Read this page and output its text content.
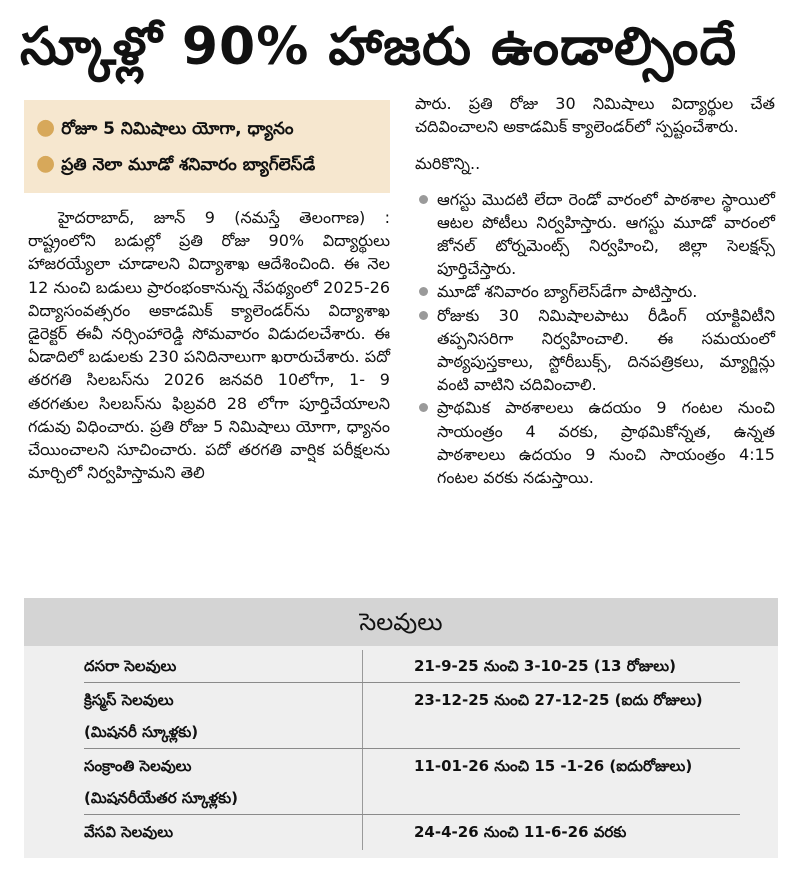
స్కూళ్లో 90% హాజరు ఉండాల్సిందే
● రోజూ 5 నిమిషాలు యోగా, ధ్యానం
● ప్రతి నెలా మూడో శనివారం బ్యాగ్‌లెస్‌డే

హైదరాబాద్, జూన్ 9 (నమస్తే తెలంగాణ) : రాష్ట్రంలోని బడుల్లో ప్రతి రోజు 90% విద్యార్థులు హాజరయ్యేలా చూడాలని విద్యాశాఖ ఆదేశించింది. ఈ నెల 12 నుంచి బడులు ప్రారంభంకానున్న నేపథ్యంలో 2025-26 విద్యాసంవత్సరం అకాడమిక్ క్యాలెండర్‌ను విద్యాశాఖ డైరెక్టర్ ఈవీ నర్సింహారెడ్డి సోమవారం విడుదలచేశారు. ఈ ఏడాదిలో బడులకు 230 పనిదినాలుగా ఖరారుచేశారు. పదో తరగతి సిలబస్‌ను 2026 జనవరి 10లోగా, 1- 9 తరగతుల సిలబస్‌ను ఫిబ్రవరి 28 లోగా పూర్తిచేయాలని గడువు విధించారు. ప్రతి రోజు 5 నిమిషాలు యోగా, ధ్యానం చేయించాలని సూచించారు. పదో తరగతి వార్షిక పరీక్షలను మార్చిలో నిర్వహిస్తామని తెలి

పారు. ప్రతి రోజు 30 నిమిషాలు విద్యార్థుల చేత చదివించాలని అకాడమిక్ క్యాలెండర్‌లో స్పష్టంచేశారు.

మరికొన్ని..

ఆగస్టు మొదటి లేదా రెండో వారంలో పాఠశాల స్థాయిలో ఆటల పోటీలు నిర్వహిస్తారు. ఆగస్టు మూడో వారంలో జోనల్ టోర్నమెంట్స్ నిర్వహించి, జిల్లా సెలక్షన్స్ పూర్తిచేస్తారు.

మూడో శనివారం బ్యాగ్‌లెస్‌డేగా పాటిస్తారు.

రోజుకు 30 నిమిషాలపాటు రీడింగ్ యాక్టివిటీని తప్పనిసరిగా నిర్వహించాలి. ఈ సమయంలో పాఠ్యపుస్తకాలు, స్టోరీబుక్స్, దినపత్రికలు, మ్యాగ్జిన్లు వంటి వాటిని చదివించాలి.

ప్రాథమిక పాఠశాలలు ఉదయం 9 గంటల నుంచి సాయంత్రం 4 వరకు, ప్రాథమికోన్నత, ఉన్నత పాఠశాలలు ఉదయం 9 నుంచి సాయంత్రం 4:15 గంటల వరకు నడుస్తాయి.

సెలవులు
దసరా సెలవులు	21-9-25 నుంచి 3-10-25 (13 రోజులు)
క్రిస్మస్ సెలవులు	23-12-25 నుంచి 27-12-25 (ఐదు రోజులు)
(మిషనరీ స్కూళ్లకు)
సంక్రాంతి సెలవులు	11-01-26 నుంచి 15 -1-26 (ఐదురోజులు)
(మిషనరీయేతర స్కూళ్లకు)
వేసవి సెలవులు	24-4-26 నుంచి 11-6-26 వరకు
